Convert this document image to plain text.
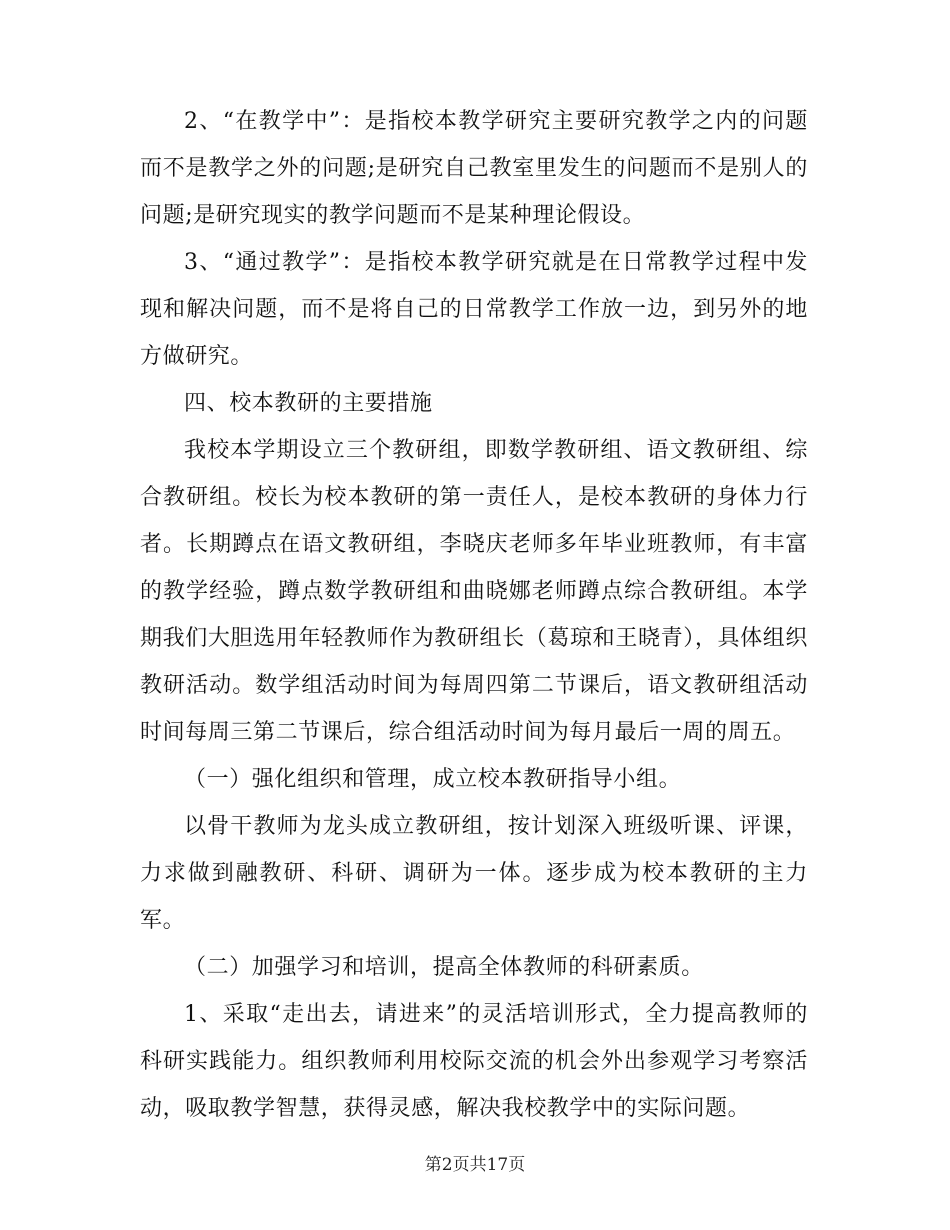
2、“在教学中”：是指校本教学研究主要研究教学之内的问题而不是教学之外的问题;是研究自己教室里发生的问题而不是别人的问题;是研究现实的教学问题而不是某种理论假设。

3、“通过教学”：是指校本教学研究就是在日常教学过程中发现和解决问题，而不是将自己的日常教学工作放一边，到另外的地方做研究。

四、校本教研的主要措施

我校本学期设立三个教研组，即数学教研组、语文教研组、综合教研组。校长为校本教研的第一责任人，是校本教研的身体力行者。长期蹲点在语文教研组，李晓庆老师多年毕业班教师，有丰富的教学经验，蹲点数学教研组和曲晓娜老师蹲点综合教研组。本学期我们大胆选用年轻教师作为教研组长（葛琼和王晓青），具体组织教研活动。数学组活动时间为每周四第二节课后，语文教研组活动时间每周三第二节课后，综合组活动时间为每月最后一周的周五。

（一）强化组织和管理，成立校本教研指导小组。

以骨干教师为龙头成立教研组，按计划深入班级听课、评课，力求做到融教研、科研、调研为一体。逐步成为校本教研的主力军。

（二）加强学习和培训，提高全体教师的科研素质。

1、采取“走出去，请进来”的灵活培训形式，全力提高教师的科研实践能力。组织教师利用校际交流的机会外出参观学习考察活动，吸取教学智慧，获得灵感，解决我校教学中的实际问题。

第2页共17页
